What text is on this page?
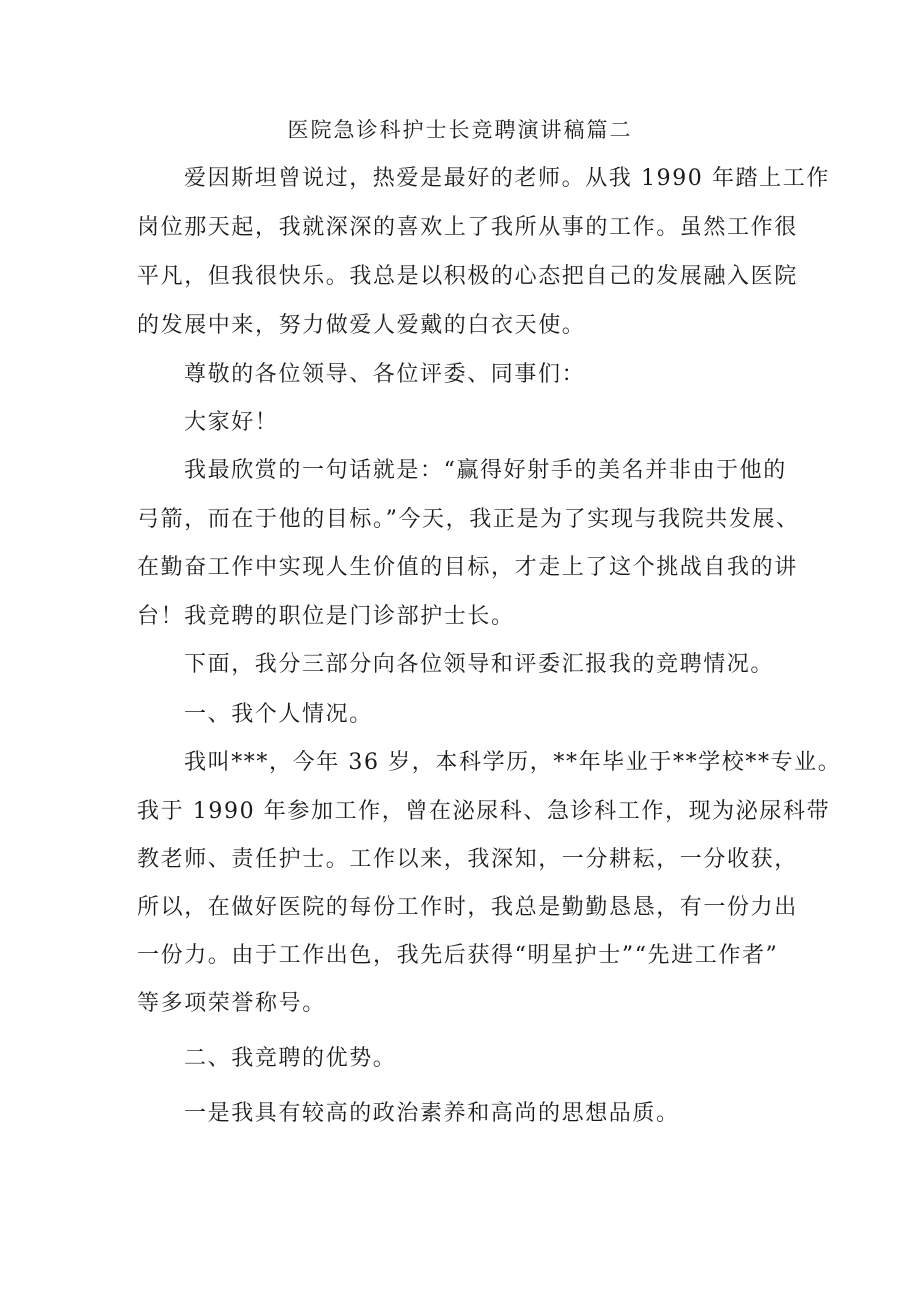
医院急诊科护士长竞聘演讲稿篇二
爱因斯坦曾说过，热爱是最好的老师。从我 1990 年踏上工作
岗位那天起，我就深深的喜欢上了我所从事的工作。虽然工作很
平凡，但我很快乐。我总是以积极的心态把自己的发展融入医院
的发展中来，努力做爱人爱戴的白衣天使。
尊敬的各位领导、各位评委、同事们：
大家好！
我最欣赏的一句话就是：“赢得好射手的美名并非由于他的
弓箭，而在于他的目标。”今天，我正是为了实现与我院共发展、
在勤奋工作中实现人生价值的目标，才走上了这个挑战自我的讲
台！我竞聘的职位是门诊部护士长。
下面，我分三部分向各位领导和评委汇报我的竞聘情况。
一、我个人情况。
我叫***，今年 36 岁，本科学历，**年毕业于**学校**专业。
我于 1990 年参加工作，曾在泌尿科、急诊科工作，现为泌尿科带
教老师、责任护士。工作以来，我深知，一分耕耘，一分收获，
所以，在做好医院的每份工作时，我总是勤勤恳恳，有一份力出
一份力。由于工作出色，我先后获得“明星护士”“先进工作者”
等多项荣誉称号。
二、我竞聘的优势。
一是我具有较高的政治素养和高尚的思想品质。
